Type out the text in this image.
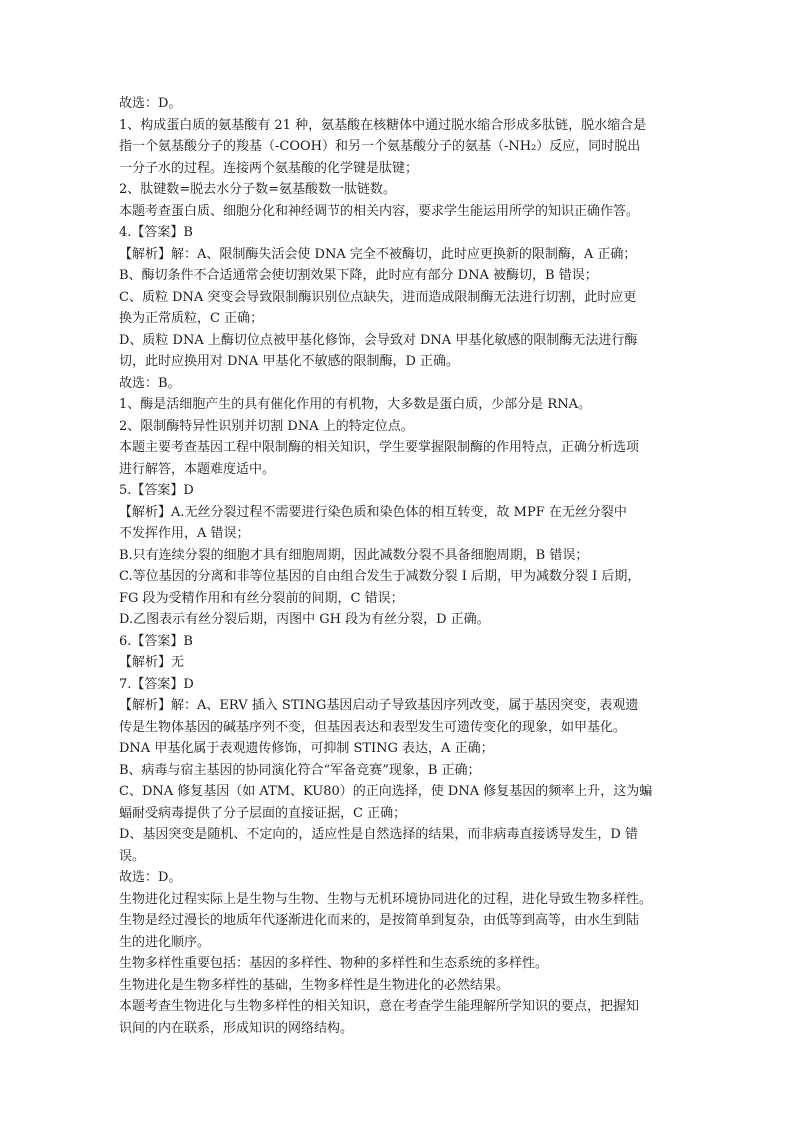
故选：D。
1、构成蛋白质的氨基酸有 21 种，氨基酸在核糖体中通过脱水缩合形成多肽链，脱水缩合是
指一个氨基酸分子的羧基（-COOH）和另一个氨基酸分子的氨基（-NH₂）反应，同时脱出
一分子水的过程。连接两个氨基酸的化学键是肽键；
2、肽键数=脱去水分子数=氨基酸数一肽链数。
本题考查蛋白质、细胞分化和神经调节的相关内容，要求学生能运用所学的知识正确作答。
4.【答案】B
【解析】解：A、限制酶失活会使 DNA 完全不被酶切，此时应更换新的限制酶，A 正确；
B、酶切条件不合适通常会使切割效果下降，此时应有部分 DNA 被酶切，B 错误；
C、质粒 DNA 突变会导致限制酶识别位点缺失，进而造成限制酶无法进行切割，此时应更
换为正常质粒，C 正确；
D、质粒 DNA 上酶切位点被甲基化修饰，会导致对 DNA 甲基化敏感的限制酶无法进行酶
切，此时应换用对 DNA 甲基化不敏感的限制酶，D 正确。
故选：B。
1、酶是活细胞产生的具有催化作用的有机物，大多数是蛋白质，少部分是 RNA。
2、限制酶特异性识别并切割 DNA 上的特定位点。
本题主要考查基因工程中限制酶的相关知识，学生要掌握限制酶的作用特点，正确分析选项
进行解答，本题难度适中。
5.【答案】D
【解析】A.无丝分裂过程不需要进行染色质和染色体的相互转变，故 MPF 在无丝分裂中
不发挥作用，A 错误；
B.只有连续分裂的细胞才具有细胞周期，因此减数分裂不具备细胞周期，B 错误；
C.等位基因的分离和非等位基因的自由组合发生于减数分裂 I 后期，甲为减数分裂 I 后期，
FG 段为受精作用和有丝分裂前的间期，C 错误；
D.乙图表示有丝分裂后期，丙图中 GH 段为有丝分裂，D 正确。
6.【答案】B
【解析】无
7.【答案】D
【解析】解：A、ERV 插入 STING基因启动子导致基因序列改变，属于基因突变，表观遗
传是生物体基因的碱基序列不变，但基因表达和表型发生可遗传变化的现象，如甲基化。
DNA 甲基化属于表观遗传修饰，可抑制 STING 表达，A 正确；
B、病毒与宿主基因的协同演化符合“军备竞赛”现象，B 正确；
C、DNA 修复基因（如 ATM、KU80）的正向选择，使 DNA 修复基因的频率上升，这为蝙
蝠耐受病毒提供了分子层面的直接证据，C 正确；
D、基因突变是随机、不定向的，适应性是自然选择的结果，而非病毒直接诱导发生，D 错
误。
故选：D。
生物进化过程实际上是生物与生物、生物与无机环境协同进化的过程，进化导致生物多样性。
生物是经过漫长的地质年代逐渐进化而来的，是按简单到复杂，由低等到高等，由水生到陆
生的进化顺序。
生物多样性重要包括：基因的多样性、物种的多样性和生态系统的多样性。
生物进化是生物多样性的基础，生物多样性是生物进化的必然结果。
本题考查生物进化与生物多样性的相关知识，意在考查学生能理解所学知识的要点，把握知
识间的内在联系，形成知识的网络结构。
